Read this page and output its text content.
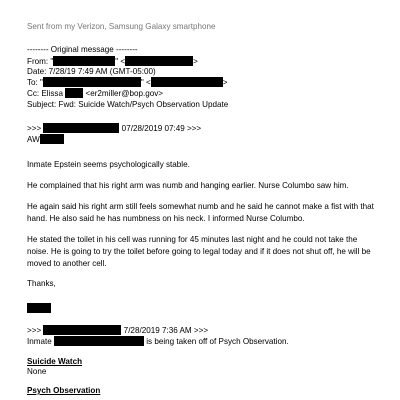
Sent from my Verizon, Samsung Galaxy smartphone
-------- Original message --------
From: "	" <	>
Date: 7/28/19 7:49 AM (GMT-05:00)
To: "	" <	>
Cc: Elissa	<er2miller@bop.gov>
Subject: Fwd: Suicide Watch/Psych Observation Update
>>>	07/28/2019 07:49 >>>
AW

Inmate Epstein seems psychologically stable.

He complained that his right arm was numb and hanging earlier. Nurse Columbo saw him.

He again said his right arm still feels somewhat numb and he said he cannot make a fist with that hand. He also said he has numbness on his neck. I informed Nurse Columbo.

He stated the toilet in his cell was running for 45 minutes last night and he could not take the noise. He is going to try the toilet before going to legal today and if it does not shut off, he will be moved to another cell.

Thanks,
>>>	7/28/2019 7:36 AM >>>
Inmate	is being taken off of Psych Observation.
Suicide Watch
None
Psych Observation
